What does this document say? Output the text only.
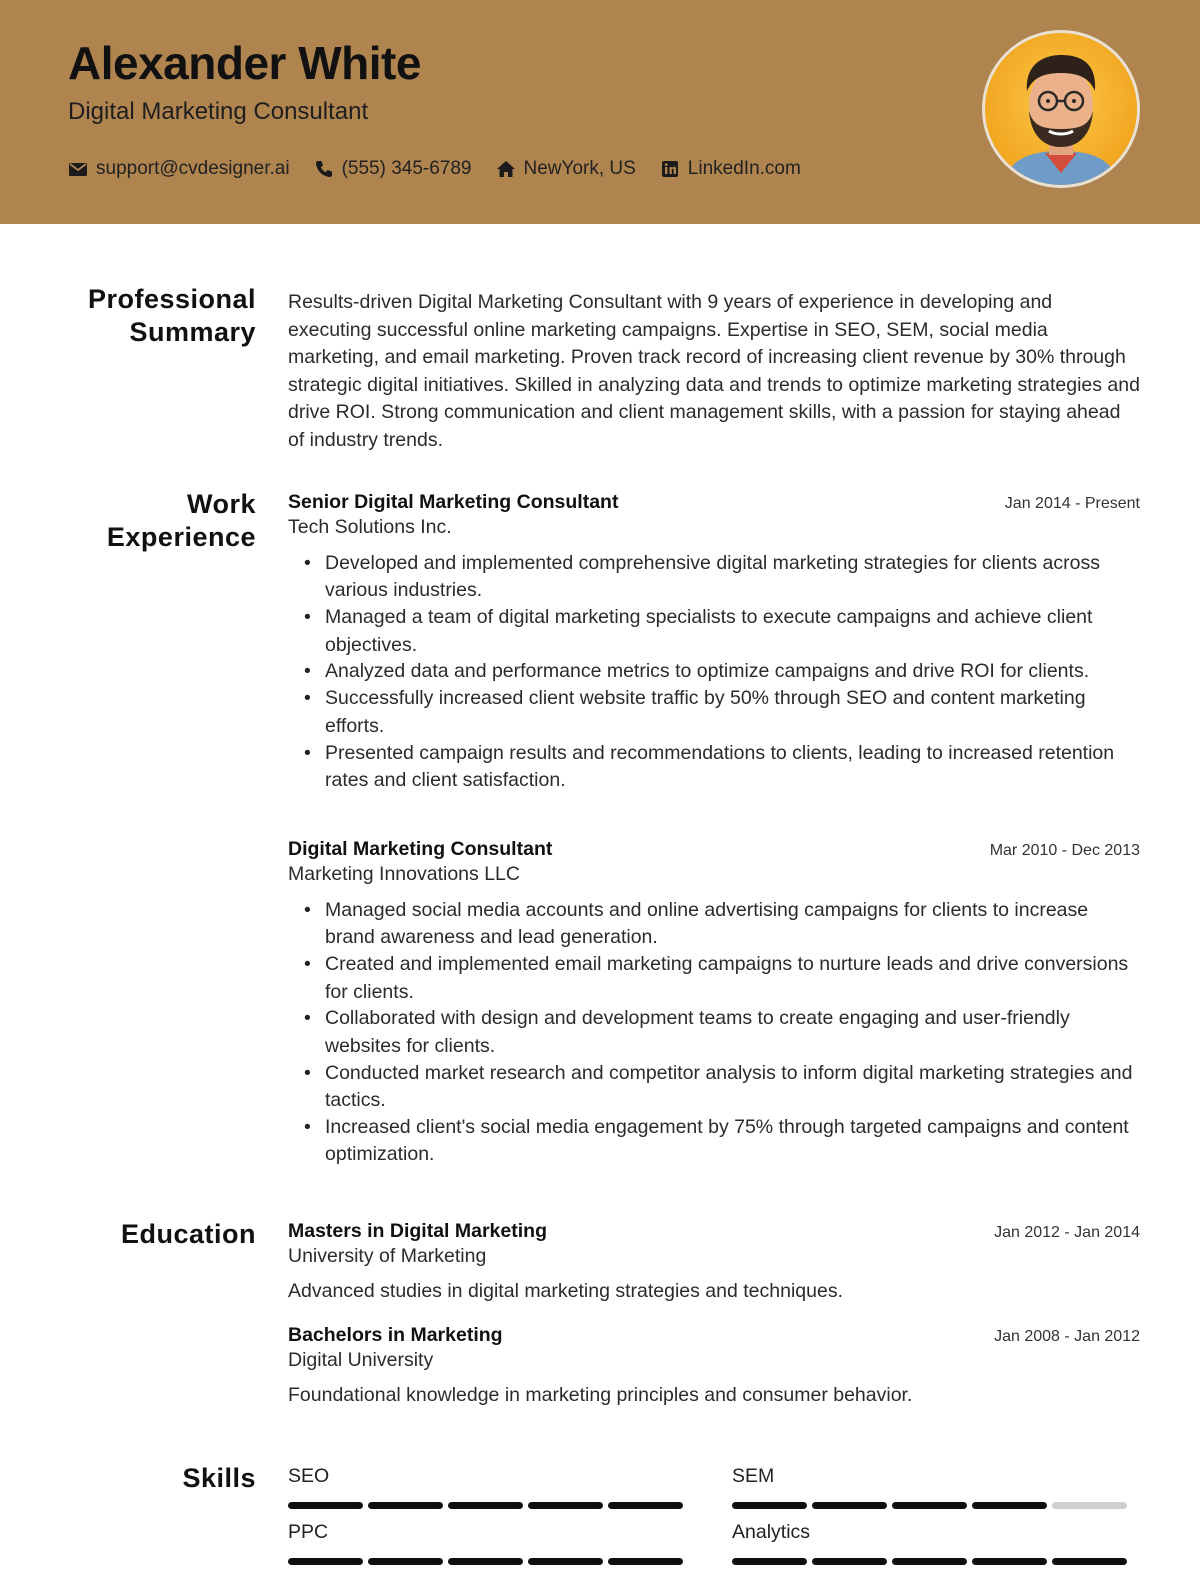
Alexander White
Digital Marketing Consultant
support@cvdesigner.ai	(555) 345-6789	NewYork, US	LinkedIn.com
Professional
Summary
Results-driven Digital Marketing Consultant with 9 years of experience in developing and executing successful online marketing campaigns. Expertise in SEO, SEM, social media marketing, and email marketing. Proven track record of increasing client revenue by 30% through strategic digital initiatives. Skilled in analyzing data and trends to optimize marketing strategies and drive ROI. Strong communication and client management skills, with a passion for staying ahead of industry trends.
Work
Experience
Senior Digital Marketing Consultant	Jan 2014 - Present
Tech Solutions Inc.
• Developed and implemented comprehensive digital marketing strategies for clients across various industries.
• Managed a team of digital marketing specialists to execute campaigns and achieve client objectives.
• Analyzed data and performance metrics to optimize campaigns and drive ROI for clients.
• Successfully increased client website traffic by 50% through SEO and content marketing efforts.
• Presented campaign results and recommendations to clients, leading to increased retention rates and client satisfaction.
Digital Marketing Consultant	Mar 2010 - Dec 2013
Marketing Innovations LLC
• Managed social media accounts and online advertising campaigns for clients to increase brand awareness and lead generation.
• Created and implemented email marketing campaigns to nurture leads and drive conversions for clients.
• Collaborated with design and development teams to create engaging and user-friendly websites for clients.
• Conducted market research and competitor analysis to inform digital marketing strategies and tactics.
• Increased client's social media engagement by 75% through targeted campaigns and content optimization.
Education Masters in Digital Marketing	Jan 2012 - Jan 2014
University of Marketing
Advanced studies in digital marketing strategies and techniques.
Bachelors in Marketing	Jan 2008 - Jan 2012
Digital University
Foundational knowledge in marketing principles and consumer behavior.
Skills SEO	SEM
PPC	Analytics
